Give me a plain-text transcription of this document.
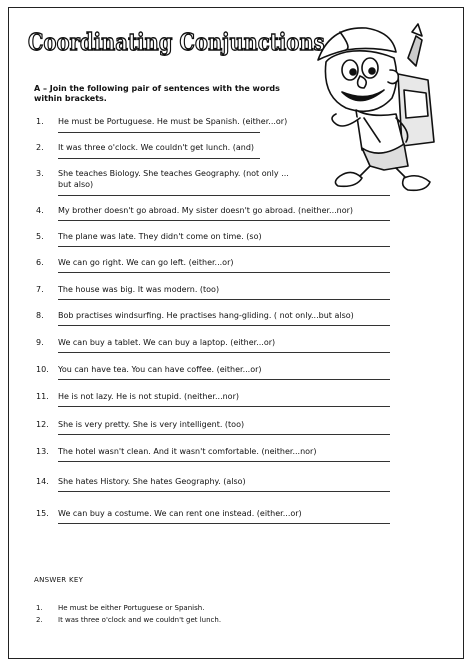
Coordinating Conjunctions
A – Join the following pair of sentences with the words within brackets.
1. He must be Portuguese. He must be Spanish. (either...or)
2. It was three o'clock. We couldn't get lunch. (and)
3. She teaches Biology. She teaches Geography. (not only ...
but also)
4. My brother doesn't go abroad. My sister doesn't go abroad. (neither...nor)
5. The plane was late. They didn't come on time. (so)
6. We can go right. We can go left. (either...or)
7. The house was big. It was modern. (too)
8. Bob practises windsurfing. He practises hang-gliding. ( not only...but also)
9. We can buy a tablet. We can buy a laptop. (either...or)
10. You can have tea. You can have coffee. (either...or)
11. He is not lazy. He is not stupid. (neither...nor)
12. She is very pretty. She is very intelligent. (too)
13. The hotel wasn't clean. And it wasn't comfortable. (neither...nor)
14. She hates History. She hates Geography. (also)
15. We can buy a costume. We can rent one instead. (either...or)
ANSWER KEY
1. He must be either Portuguese or Spanish.
2. It was three o'clock and we couldn't get lunch.
